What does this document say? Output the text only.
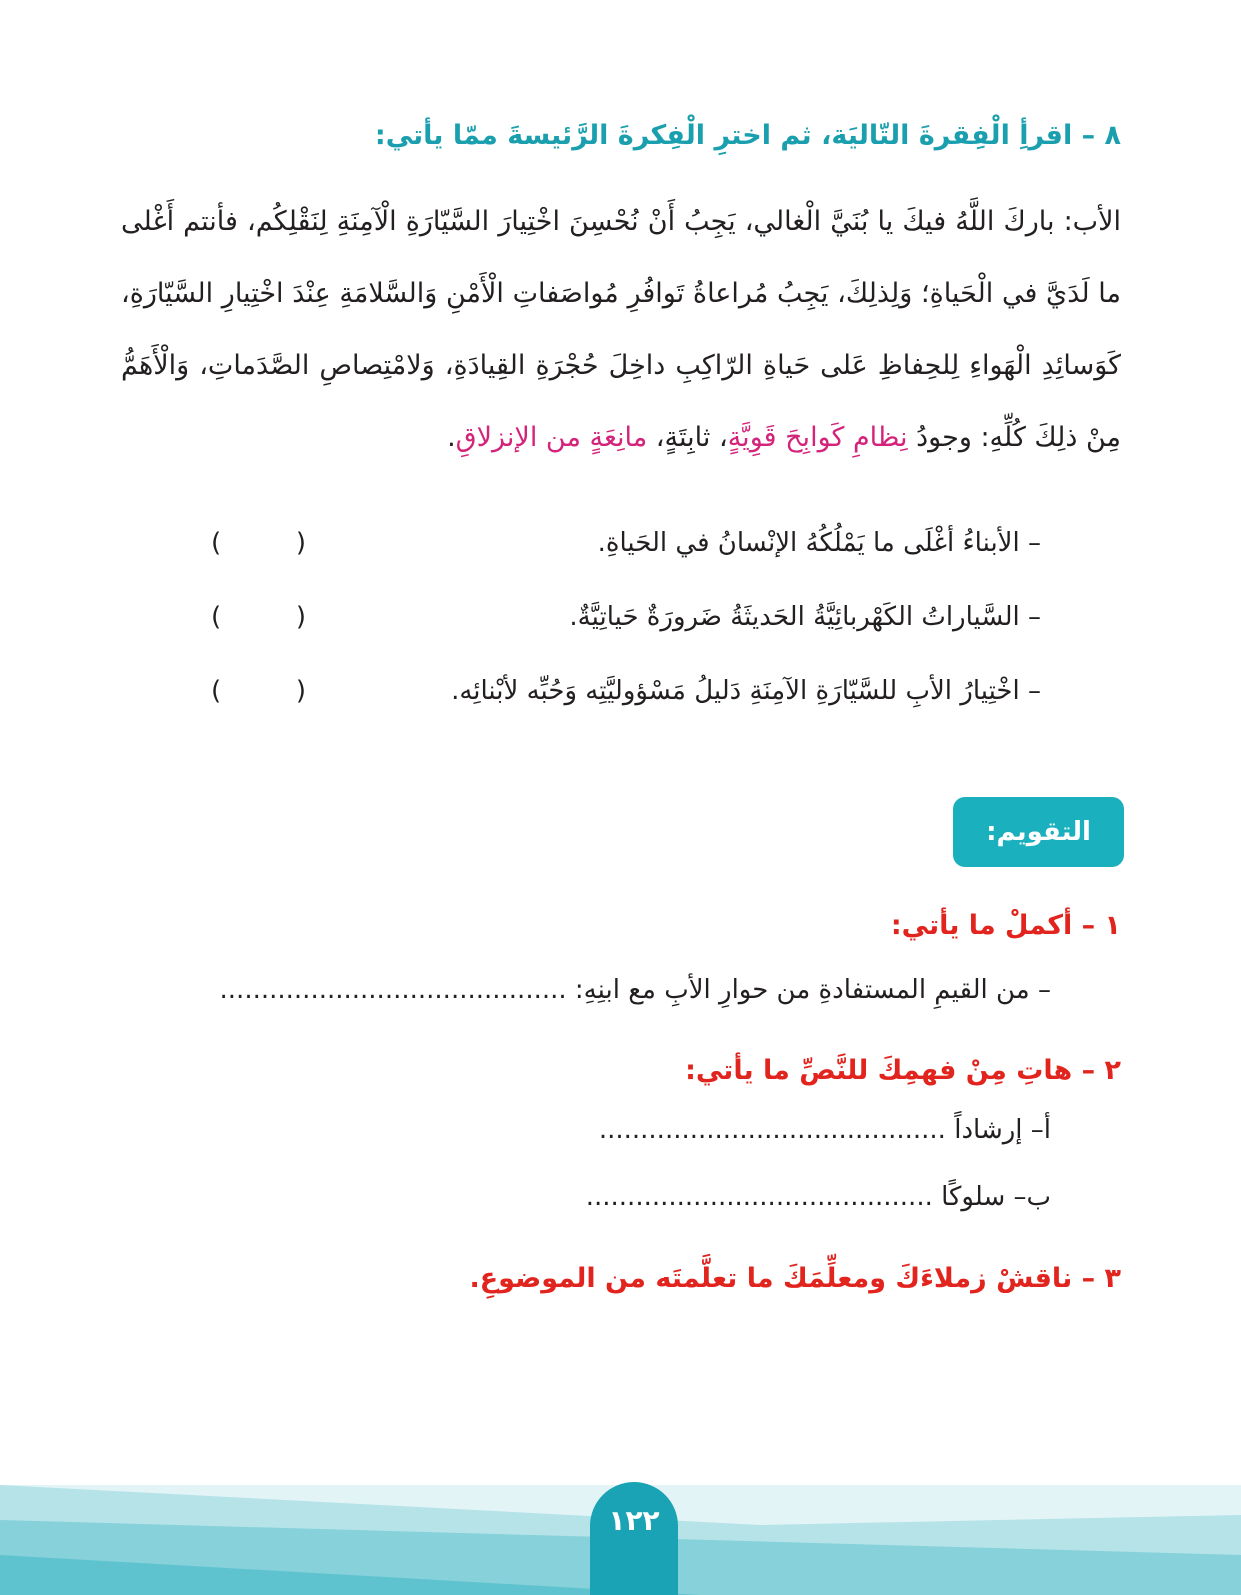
٨ – اقرأِ الْفِقرةَ التّاليَة، ثم اخترِ الْفِكرةَ الرَّئيسةَ ممّا يأتي:

الأب: باركَ اللَّهُ فيكَ يا بُنَيَّ الْغالي، يَجِبُ أَنْ نُحْسِنَ اخْتِيارَ السَّيّارَةِ الْآمِنَةِ لِنَقْلِكُم، فأنتم أَغْلى ما لَدَيَّ في الْحَياةِ؛ وَلِذلِكَ، يَجِبُ مُراعاةُ تَوافُرِ مُواصَفاتِ الْأَمْنِ وَالسَّلامَةِ عِنْدَ اخْتِيارِ السَّيّارَةِ، كَوَسائِدِ الْهَواءِ لِلحِفاظِ عَلى حَياةِ الرّاكِبِ داخِلَ حُجْرَةِ القِيادَةِ، وَلامْتِصاصِ الصَّدَماتِ، وَالْأَهَمُّ مِنْ ذلِكَ كُلِّهِ: وجودُ نِظامِ كَوابِحَ قَوِيَّةٍ، ثابِتَةٍ، مانِعَةٍ من الإنزلاقِ.

– الأبناءُ أغْلَى ما يَمْلُكُهُ الإنْسانُ في الحَياةِ.
(	)
– السَّياراتُ الكَهْربائِيَّةُ الحَديثَةُ ضَرورَةٌ حَياتِيَّةٌ.
(	)
– اخْتِيارُ الأبِ للسَّيّارَةِ الآمِنَةِ دَليلُ مَسْؤوليَّتِه وَحُبِّه لأبْنائِه.
(	)
التقويم:
١ – أكملْ ما يأتي:
– من القيمِ المستفادةِ من حوارِ الأبِ مع ابنِهِ: ..........................................
٢ – هاتِ مِنْ فهمِكَ للنَّصِّ ما يأتي:
أ– إرشاداً ..........................................
ب– سلوكًا ..........................................
٣ – ناقشْ زملاءَكَ ومعلِّمَكَ ما تعلَّمتَه من الموضوعِ.
١٢٢
